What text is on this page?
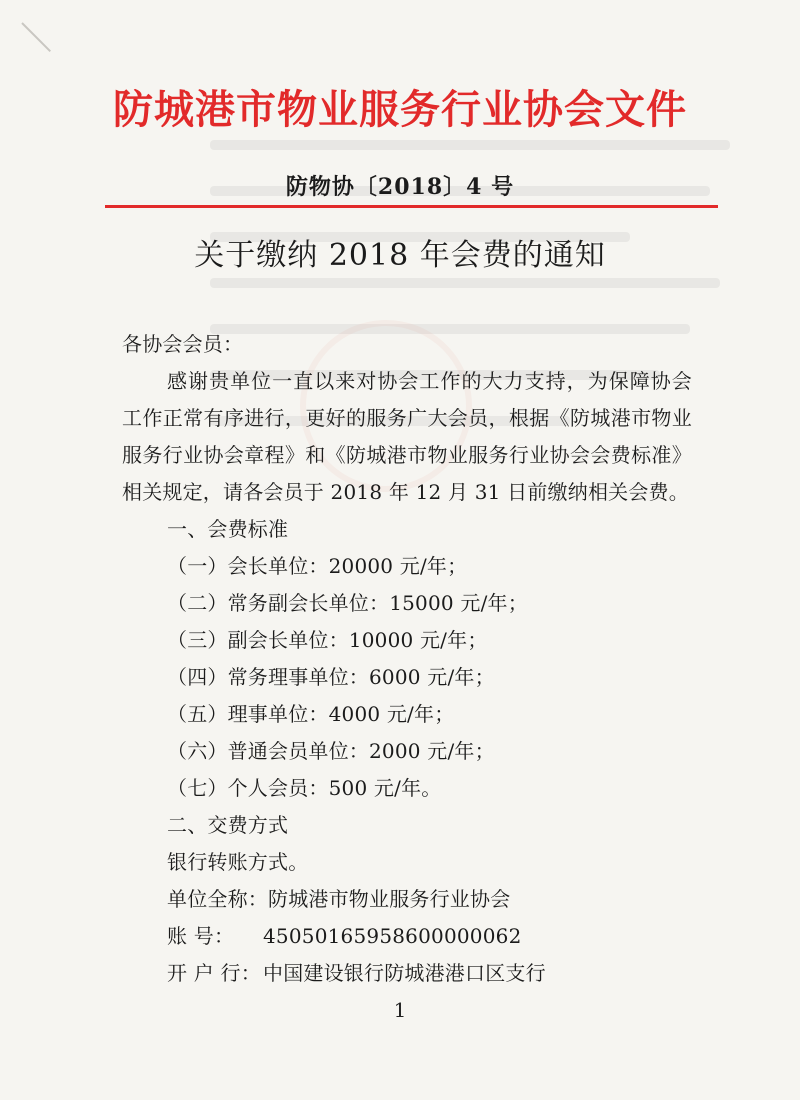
防城港市物业服务行业协会文件
防物协〔2018〕4 号
关于缴纳 2018 年会费的通知
各协会会员：
感谢贵单位一直以来对协会工作的大力支持，为保障协会工作正常有序进行，更好的服务广大会员，根据《防城港市物业服务行业协会章程》和《防城港市物业服务行业协会会费标准》相关规定，请各会员于 2018 年 12 月 31 日前缴纳相关会费。
一、会费标准
（一）会长单位：20000 元/年；
（二）常务副会长单位：15000 元/年；
（三）副会长单位：10000 元/年；
（四）常务理事单位：6000 元/年；
（五）理事单位：4000 元/年；
（六）普通会员单位：2000 元/年；
（七）个人会员：500 元/年。
二、交费方式
银行转账方式。
单位全称： 防城港市物业服务行业协会
账 号：	45050165958600000062
开 户 行： 中国建设银行防城港港口区支行
1
